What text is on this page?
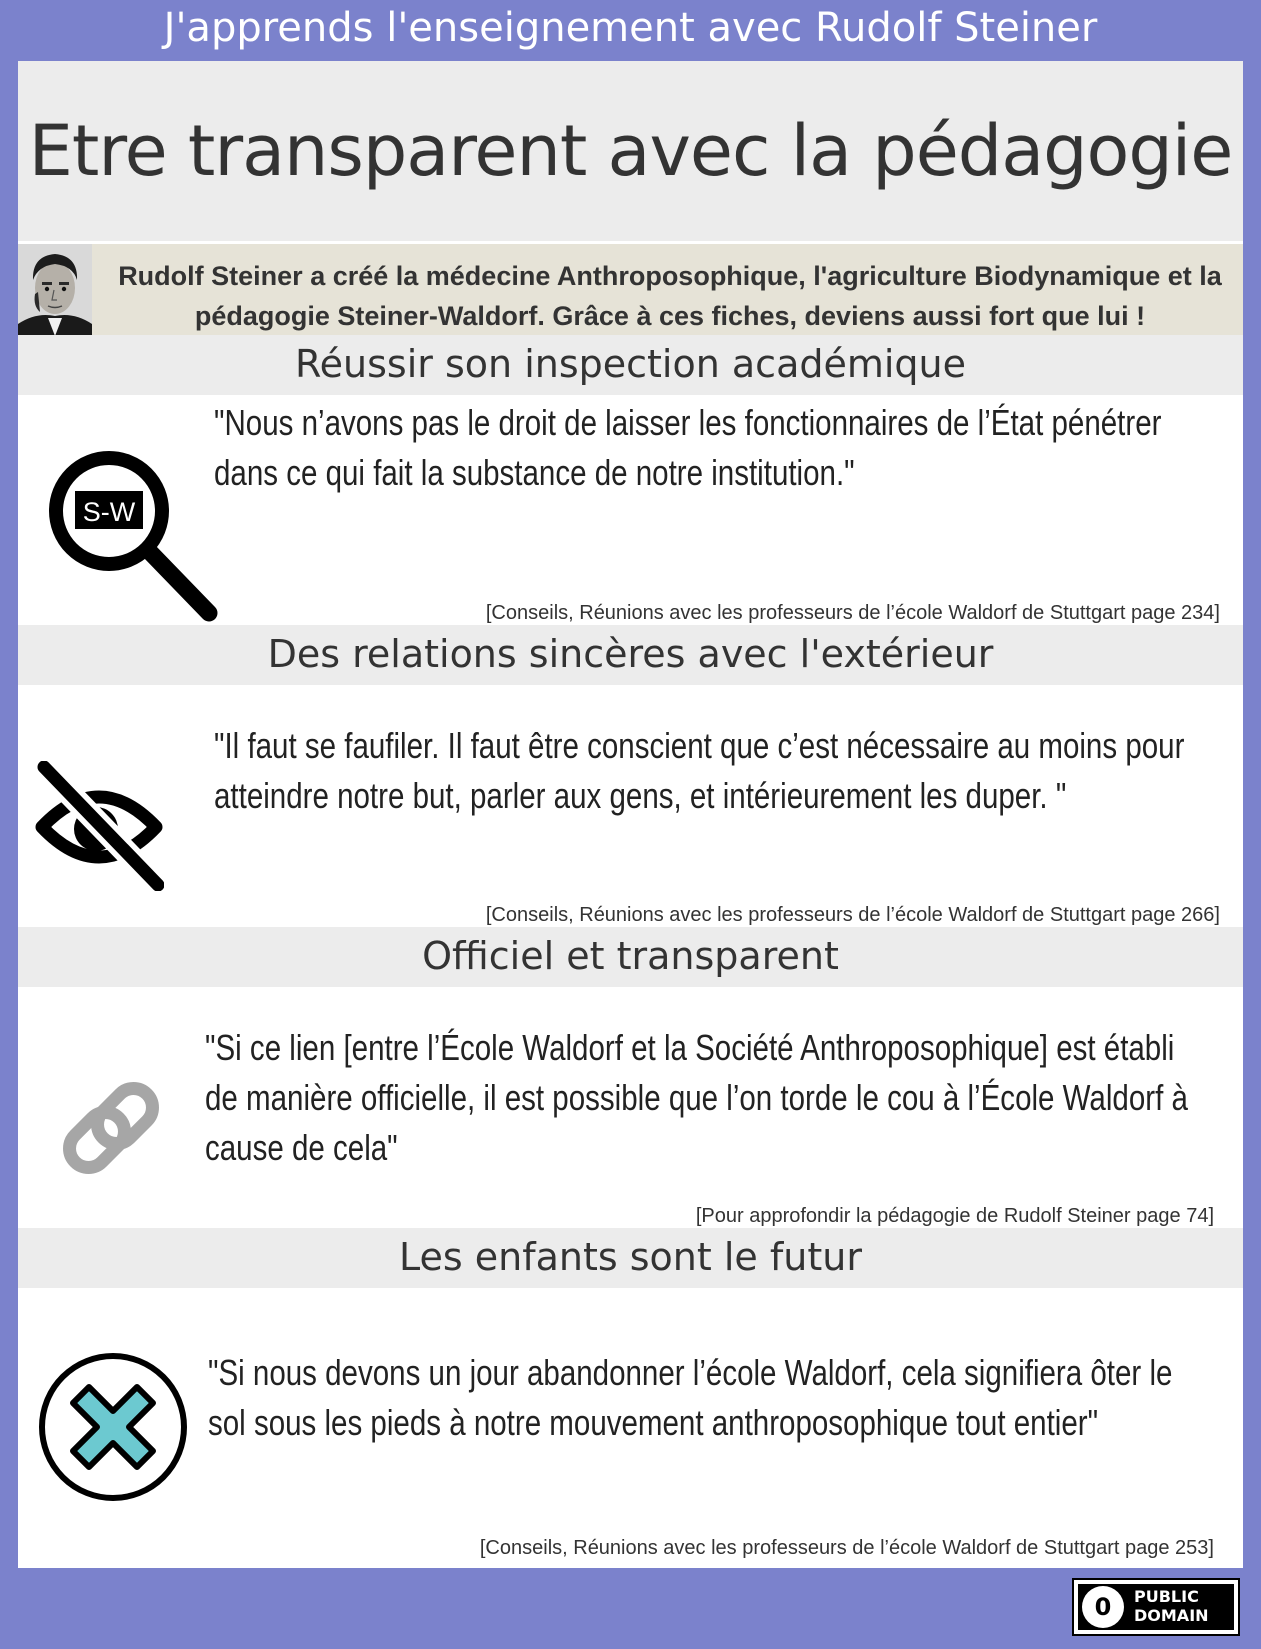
J'apprends l'enseignement avec Rudolf Steiner
Etre transparent avec la pédagogie
Rudolf Steiner a créé la médecine Anthroposophique, l'agriculture Biodynamique et la pédagogie Steiner-Waldorf. Grâce à ces fiches, deviens aussi fort que lui !
Réussir son inspection académique
S-W
"Nous n’avons pas le droit de laisser les fonctionnaires de l’État pénétrer dans ce qui fait la substance de notre institution."
[Conseils, Réunions avec les professeurs de l’école Waldorf de Stuttgart page 234]
Des relations sincères avec l'extérieur
"Il faut se faufiler. Il faut être conscient que c’est nécessaire au moins pour atteindre notre but, parler aux gens, et intérieurement les duper. "
[Conseils, Réunions avec les professeurs de l’école Waldorf de Stuttgart page 266]
Officiel et transparent
"Si ce lien [entre l’École Waldorf et la Société Anthroposophique] est établi de manière officielle, il est possible que l’on torde le cou à l’École Waldorf à cause de cela"
[Pour approfondir la pédagogie de Rudolf Steiner page 74]
Les enfants sont le futur
"Si nous devons un jour abandonner l’école Waldorf, cela signifiera ôter le sol sous les pieds à notre mouvement anthroposophique tout entier"
[Conseils, Réunions avec les professeurs de l’école Waldorf de Stuttgart page 253]
0	PUBLIC
DOMAIN
